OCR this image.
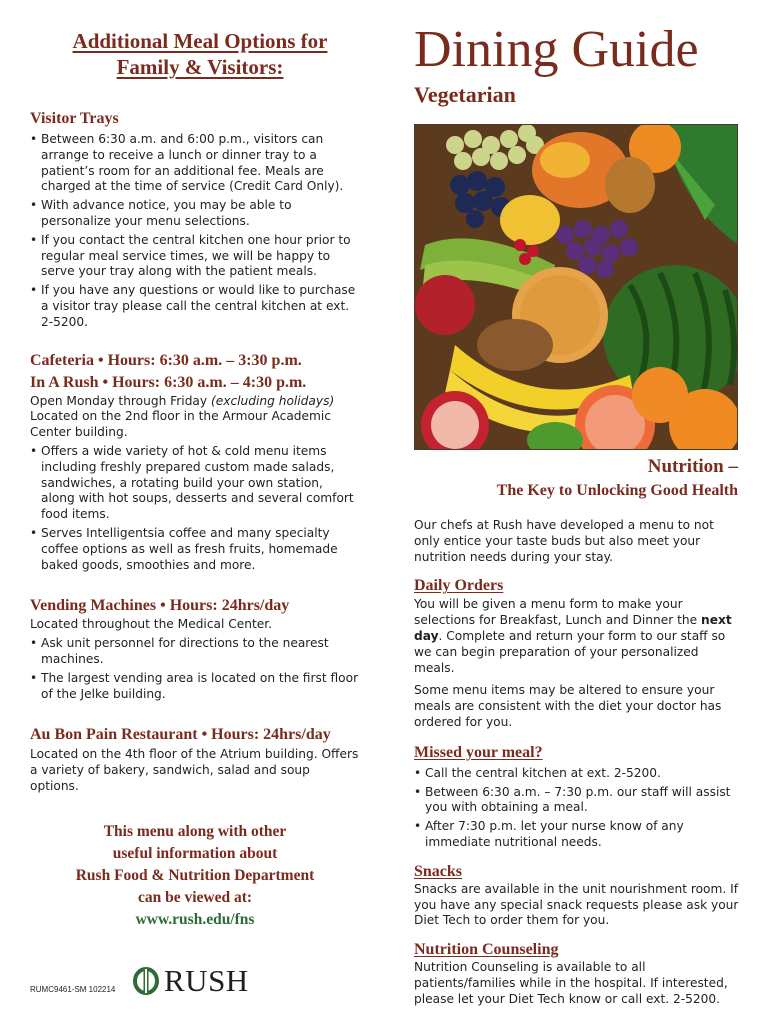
Additional Meal Options for
Family & Visitors:
Visitor Trays
• Between 6:30 a.m. and 6:00 p.m., visitors can arrange to receive a lunch or dinner tray to a patient’s room for an additional fee. Meals are charged at the time of service (Credit Card Only).
• With advance notice, you may be able to personalize your menu selections.
• If you contact the central kitchen one hour prior to regular meal service times, we will be happy to serve your tray along with the patient meals.
• If you have any questions or would like to purchase a visitor tray please call the central kitchen at ext. 2-5200.
Cafeteria • Hours: 6:30 a.m. – 3:30 p.m.
In A Rush • Hours: 6:30 a.m. – 4:30 p.m.
Open Monday through Friday (excluding holidays)
Located on the 2nd floor in the Armour Academic Center building.
• Offers a wide variety of hot & cold menu items including freshly prepared custom made salads, sandwiches, a rotating build your own station, along with hot soups, desserts and several comfort food items.
• Serves Intelligentsia coffee and many specialty coffee options as well as fresh fruits, homemade baked goods, smoothies and more.
Vending Machines • Hours: 24hrs/day
Located throughout the Medical Center.
• Ask unit personnel for directions to the nearest machines.
• The largest vending area is located on the first floor of the Jelke building.
Au Bon Pain Restaurant • Hours: 24hrs/day
Located on the 4th floor of the Atrium building. Offers a variety of bakery, sandwich, salad and soup options.
This menu along with other
useful information about
Rush Food & Nutrition Department
can be viewed at:
www.rush.edu/fns
RUMC9461-SM 102214 RUSH
Dining Guide
Vegetarian
Nutrition –
The Key to Unlocking Good Health
Our chefs at Rush have developed a menu to not only entice your taste buds but also meet your nutrition needs during your stay.
Daily Orders
You will be given a menu form to make your selections for Breakfast, Lunch and Dinner the next day. Complete and return your form to our staff so we can begin preparation of your personalized meals.
Some menu items may be altered to ensure your meals are consistent with the diet your doctor has ordered for you.
Missed your meal?
• Call the central kitchen at ext. 2-5200.
• Between 6:30 a.m. – 7:30 p.m. our staff will assist you with obtaining a meal.
• After 7:30 p.m. let your nurse know of any immediate nutritional needs.
Snacks
Snacks are available in the unit nourishment room. If you have any special snack requests please ask your Diet Tech to order them for you.
Nutrition Counseling
Nutrition Counseling is available to all patients/families while in the hospital. If interested, please let your Diet Tech know or call ext. 2-5200.
